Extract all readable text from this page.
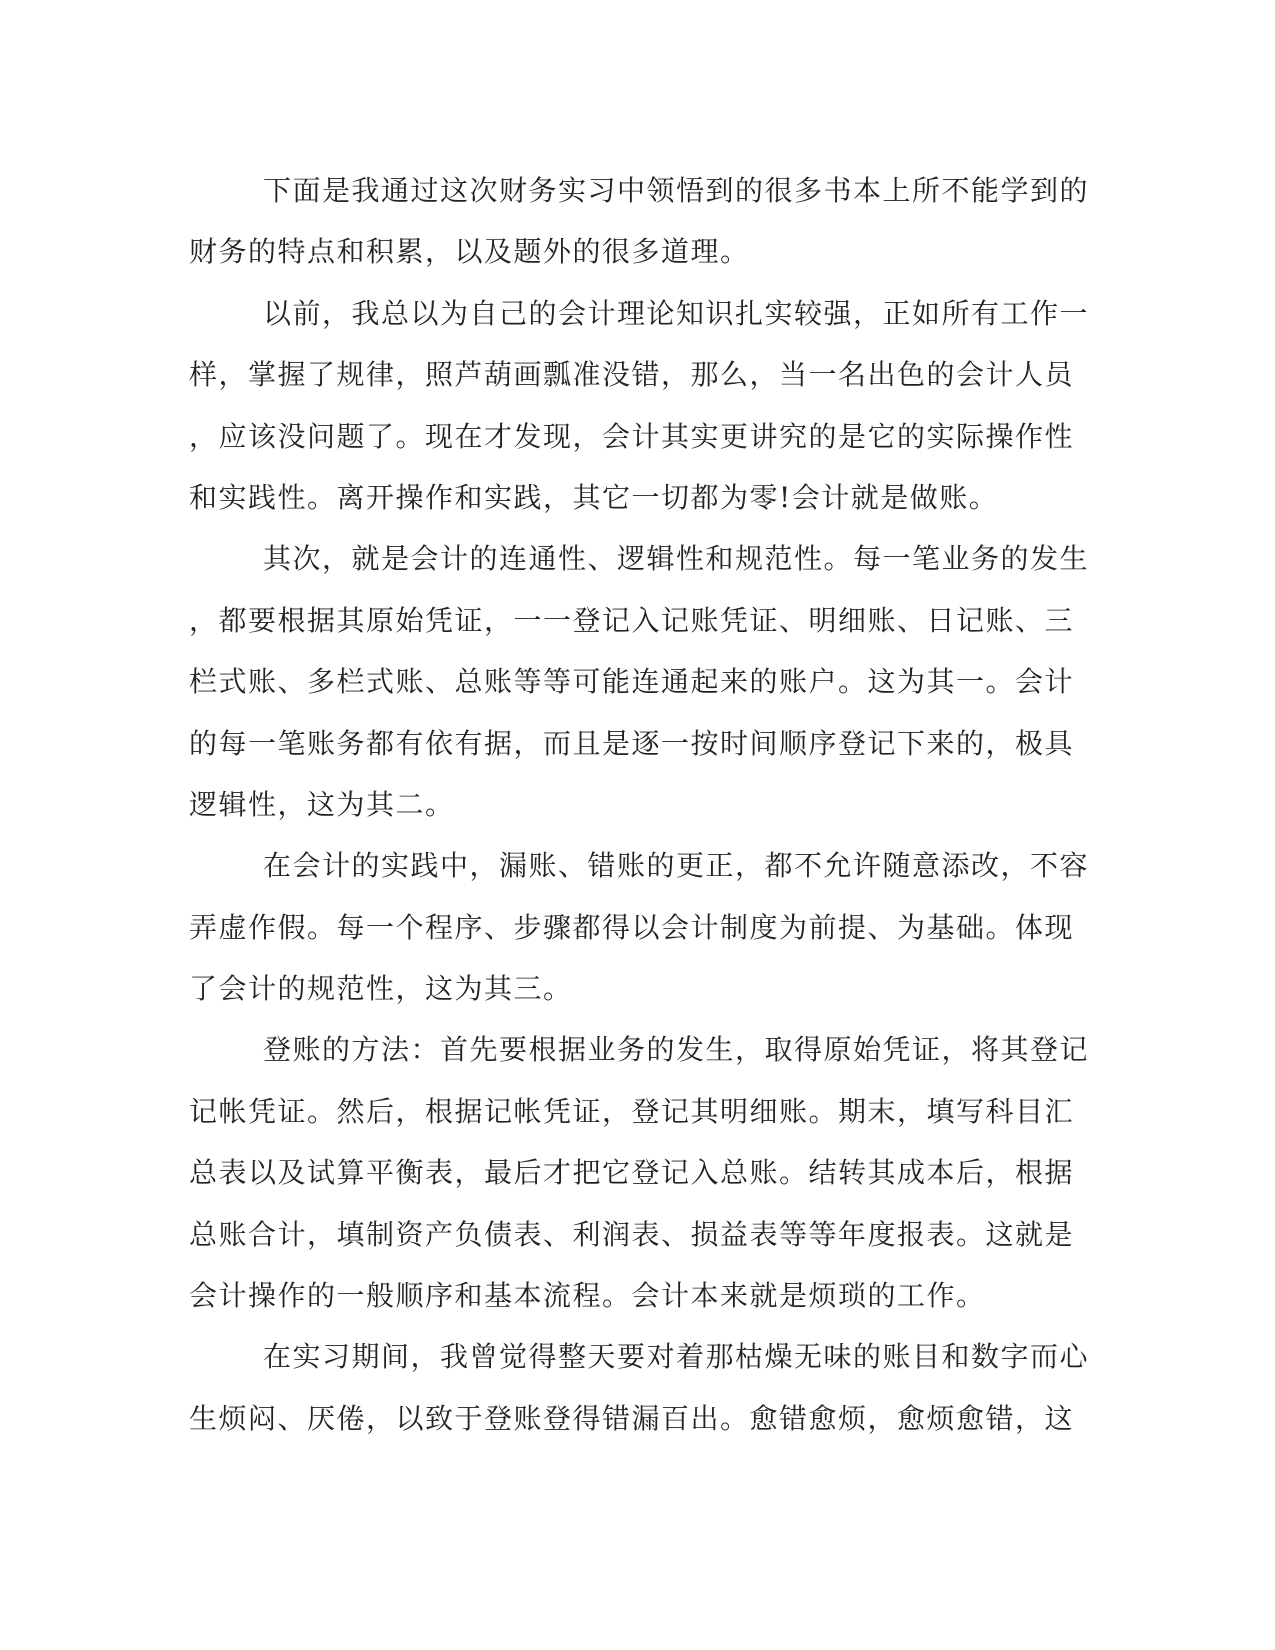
下面是我通过这次财务实习中领悟到的很多书本上所不能学到的
财务的特点和积累，以及题外的很多道理。
以前，我总以为自己的会计理论知识扎实较强，正如所有工作一
样，掌握了规律，照芦葫画瓢准没错，那么，当一名出色的会计人员
，应该没问题了。现在才发现，会计其实更讲究的是它的实际操作性
和实践性。离开操作和实践，其它一切都为零!会计就是做账。
其次，就是会计的连通性、逻辑性和规范性。每一笔业务的发生
，都要根据其原始凭证，一一登记入记账凭证、明细账、日记账、三
栏式账、多栏式账、总账等等可能连通起来的账户。这为其一。会计
的每一笔账务都有依有据，而且是逐一按时间顺序登记下来的，极具
逻辑性，这为其二。
在会计的实践中，漏账、错账的更正，都不允许随意添改，不容
弄虚作假。每一个程序、步骤都得以会计制度为前提、为基础。体现
了会计的规范性，这为其三。
登账的方法：首先要根据业务的发生，取得原始凭证，将其登记
记帐凭证。然后，根据记帐凭证，登记其明细账。期末，填写科目汇
总表以及试算平衡表，最后才把它登记入总账。结转其成本后，根据
总账合计，填制资产负债表、利润表、损益表等等年度报表。这就是
会计操作的一般顺序和基本流程。会计本来就是烦琐的工作。
在实习期间，我曾觉得整天要对着那枯燥无味的账目和数字而心
生烦闷、厌倦，以致于登账登得错漏百出。愈错愈烦，愈烦愈错，这
